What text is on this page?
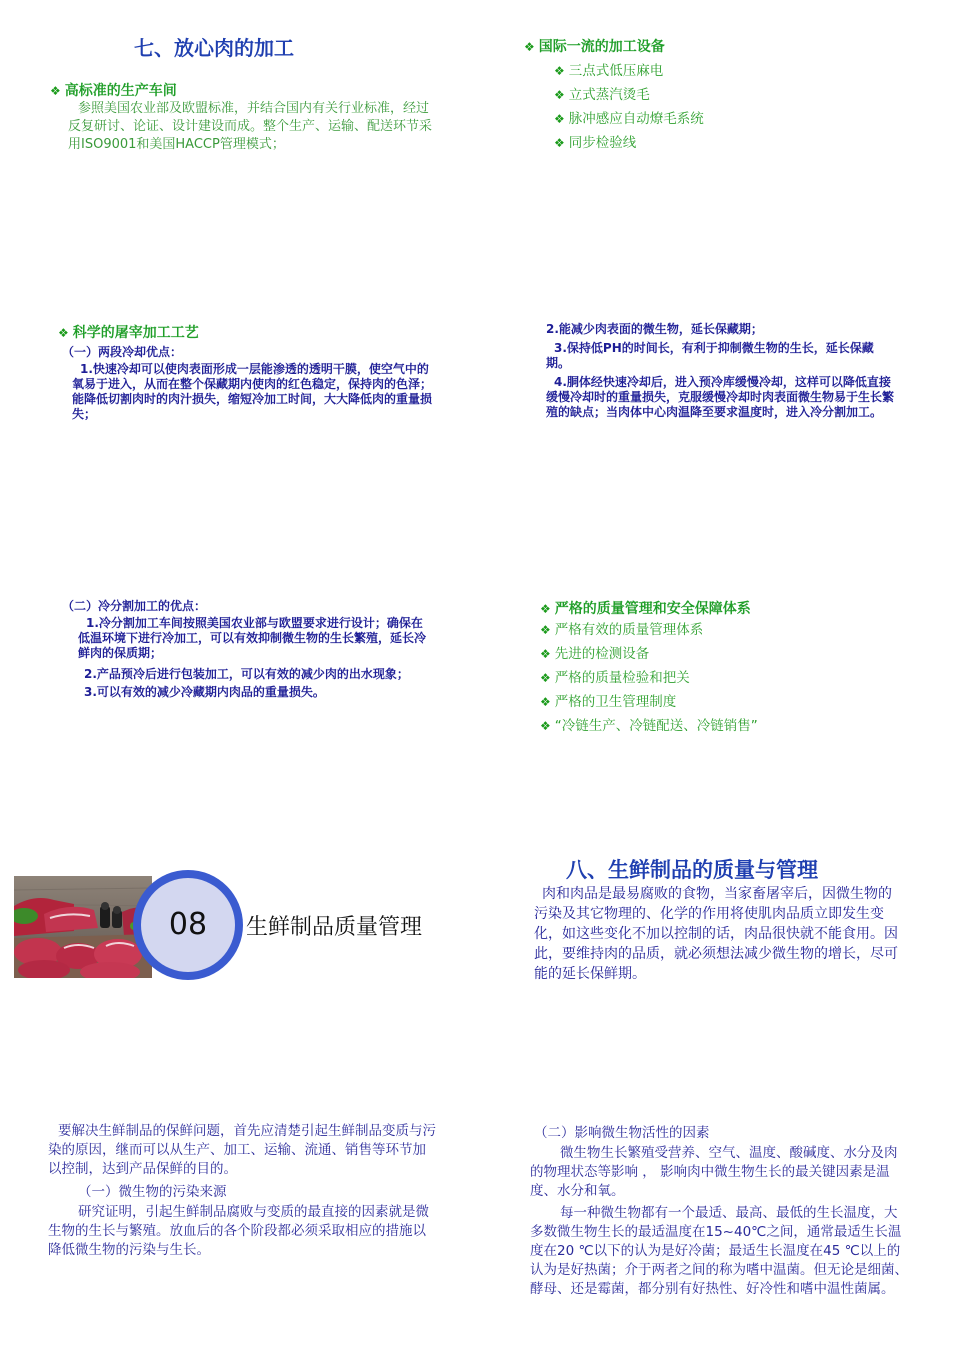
七、放心肉的加工
❖ 高标准的生产车间

参照美国农业部及欧盟标准，并结合国内有关行业标准，经过反复研讨、论证、设计建设而成。整个生产、运输、配送环节采用ISO9001和美国HACCP管理模式；

❖ 国际一流的加工设备
❖ 三点式低压麻电
❖ 立式蒸汽烫毛
❖ 脉冲感应自动燎毛系统
❖ 同步检验线
❖ 科学的屠宰加工工艺
（一）两段冷却优点：

1.快速冷却可以使肉表面形成一层能渗透的透明干膜，使空气中的氧易于进入，从而在整个保藏期内使肉的红色稳定，保持肉的色泽；能降低切割肉时的肉汁损失，缩短冷加工时间，大大降低肉的重量损失；

2.能减少肉表面的微生物，延长保藏期；

3.保持低PH的时间长，有利于抑制微生物的生长，延长保藏期。

4.胴体经快速冷却后，进入预冷库缓慢冷却，这样可以降低直接缓慢冷却时的重量损失，克服缓慢冷却时肉表面微生物易于生长繁殖的缺点；当肉体中心肉温降至要求温度时，进入冷分割加工。

（二）冷分割加工的优点：

1.冷分割加工车间按照美国农业部与欧盟要求进行设计；确保在低温环境下进行冷加工，可以有效抑制微生物的生长繁殖，延长冷鲜肉的保质期；

2.产品预冷后进行包装加工，可以有效的减少肉的出水现象；

3.可以有效的减少冷藏期内肉品的重量损失。

❖ 严格的质量管理和安全保障体系
❖ 严格有效的质量管理体系
❖ 先进的检测设备
❖ 严格的质量检验和把关
❖ 严格的卫生管理制度
❖ “冷链生产、冷链配送、冷链销售”
08	生鲜制品质量管理
八、生鲜制品的质量与管理

肉和肉品是最易腐败的食物，当家畜屠宰后，因微生物的污染及其它物理的、化学的作用将使肌肉品质立即发生变化，如这些变化不加以控制的话，肉品很快就不能食用。因此，要维持肉的品质，就必须想法减少微生物的增长，尽可能的延长保鲜期。

要解决生鲜制品的保鲜问题，首先应清楚引起生鲜制品变质与污染的原因，继而可以从生产、加工、运输、流通、销售等环节加以控制，达到产品保鲜的目的。

（一）微生物的污染来源

研究证明，引起生鲜制品腐败与变质的最直接的因素就是微生物的生长与繁殖。放血后的各个阶段都必须采取相应的措施以降低微生物的污染与生长。

（二）影响微生物活性的因素

微生物生长繁殖受营养、空气、温度、酸碱度、水分及肉的物理状态等影响 ， 影响肉中微生物生长的最关键因素是温度、水分和氧。

每一种微生物都有一个最适、最高、最低的生长温度，大多数微生物生长的最适温度在15~40℃之间，通常最适生长温度在20 ℃以下的认为是好冷菌；最适生长温度在45 ℃以上的认为是好热菌；介于两者之间的称为嗜中温菌。但无论是细菌、酵母、还是霉菌，都分别有好热性、好冷性和嗜中温性菌属。
